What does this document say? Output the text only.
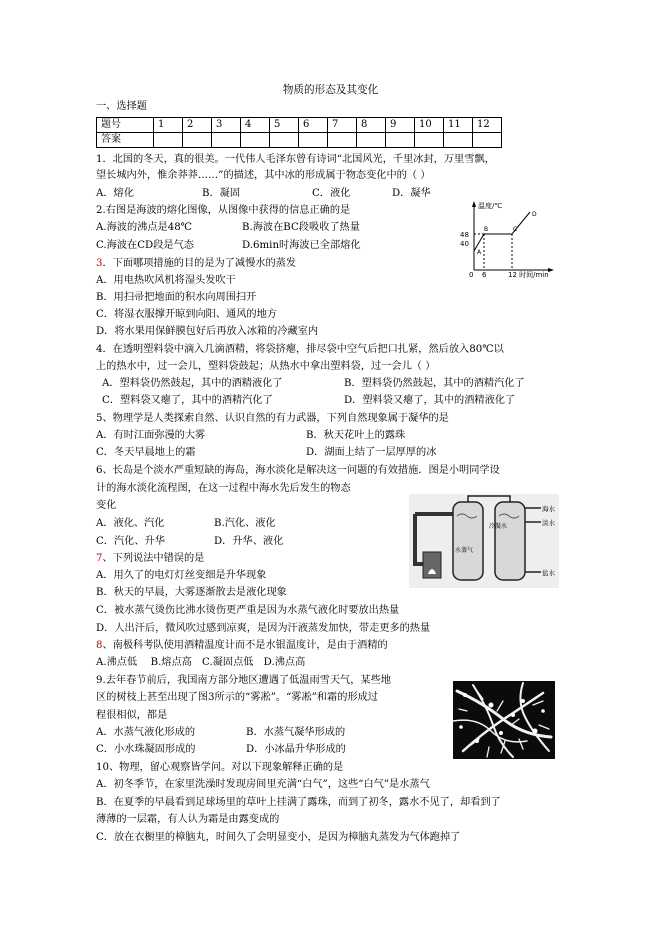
物质的形态及其变化
一、选择题
题号	1	2	3	4	5	6	7	8	9	10	11	12
答案												
1．北国的冬天，真的很美。一代伟人毛泽东曾有诗词“北国风光，千里冰封，万里雪飘，
望长城内外，惟余莽莽……”的描述，其中冰的形成属于物态变化中的（ ）
A．熔化	B．凝固	C．液化	D．凝华
2.右图是海波的熔化图像，从图像中获得的信息正确的是
A.海波的沸点是48℃	B.海波在BC段吸收了热量
C.海波在CD段是气态	D.6min时海波已全部熔化
温度/℃
48
40
0 6	12 时间/min
A
B	C
D
3．下面哪项措施的目的是为了减慢水的蒸发
A．用电热吹风机将湿头发吹干
B．用扫帚把地面的积水向周围扫开
C．将湿衣服撑开晾到向阳、通风的地方
D．将水果用保鲜膜包好后再放入冰箱的冷藏室内
4．在透明塑料袋中滴入几滴酒精，将袋挤瘪，排尽袋中空气后把口扎紧，然后放入80℃以
上的热水中，过一会儿，塑料袋鼓起；从热水中拿出塑料袋，过一会儿（ ）
A．塑料袋仍然鼓起，其中的酒精液化了	B．塑料袋仍然鼓起，其中的酒精汽化了
C．塑料袋又瘪了，其中的酒精汽化了	D．塑料袋又瘪了，其中的酒精液化了
5、物理学是人类探索自然、认识自然的有力武器，下列自然现象属于凝华的是
A．有时江面弥漫的大雾	B．秋天花叶上的露珠
C．冬天早晨地上的霜	D．湖面上结了一层厚厚的冰
6、长岛是个淡水严重短缺的海岛，海水淡化是解决这一问题的有效措施．图是小明同学设
计的海水淡化流程图，在这一过程中海水先后发生的物态
变化
A．液化、汽化	B.汽化、液化
C．汽化、升华	D．升华、液化
海水
淡水
冷凝水
水蒸气
盐水
7、下列说法中错误的是
A．用久了的电灯灯丝变细是升华现象
B．秋天的早晨，大雾逐渐散去是液化现象
C．被水蒸气烫伤比沸水烫伤更严重是因为水蒸气液化时要放出热量
D．人出汗后，微风吹过感到凉爽，是因为汗液蒸发加快，带走更多的热量
8、南极科考队使用酒精温度计而不是水银温度计，是由于酒精的
A.沸点低　 B.熔点高　C.凝固点低　D.沸点高
9.去年春节前后，我国南方部分地区遭遇了低温雨雪天气，某些地
区的树枝上甚至出现了图3所示的“雾凇”。“雾凇”和霜的形成过
程很相似，都是
A．水蒸气液化形成的	B．水蒸气凝华形成的
C．小水珠凝固形成的	D．小冰晶升华形成的
10、物理，留心观察皆学问。对以下现象解释正确的是
A．初冬季节，在家里洗澡时发现房间里充满“白气”，这些“白气”是水蒸气
B．在夏季的早晨看到足球场里的草叶上挂满了露珠，而到了初冬，露水不见了，却看到了
薄薄的一层霜，有人认为霜是由露变成的
C．放在衣橱里的樟脑丸，时间久了会明显变小，是因为樟脑丸蒸发为气体跑掉了
